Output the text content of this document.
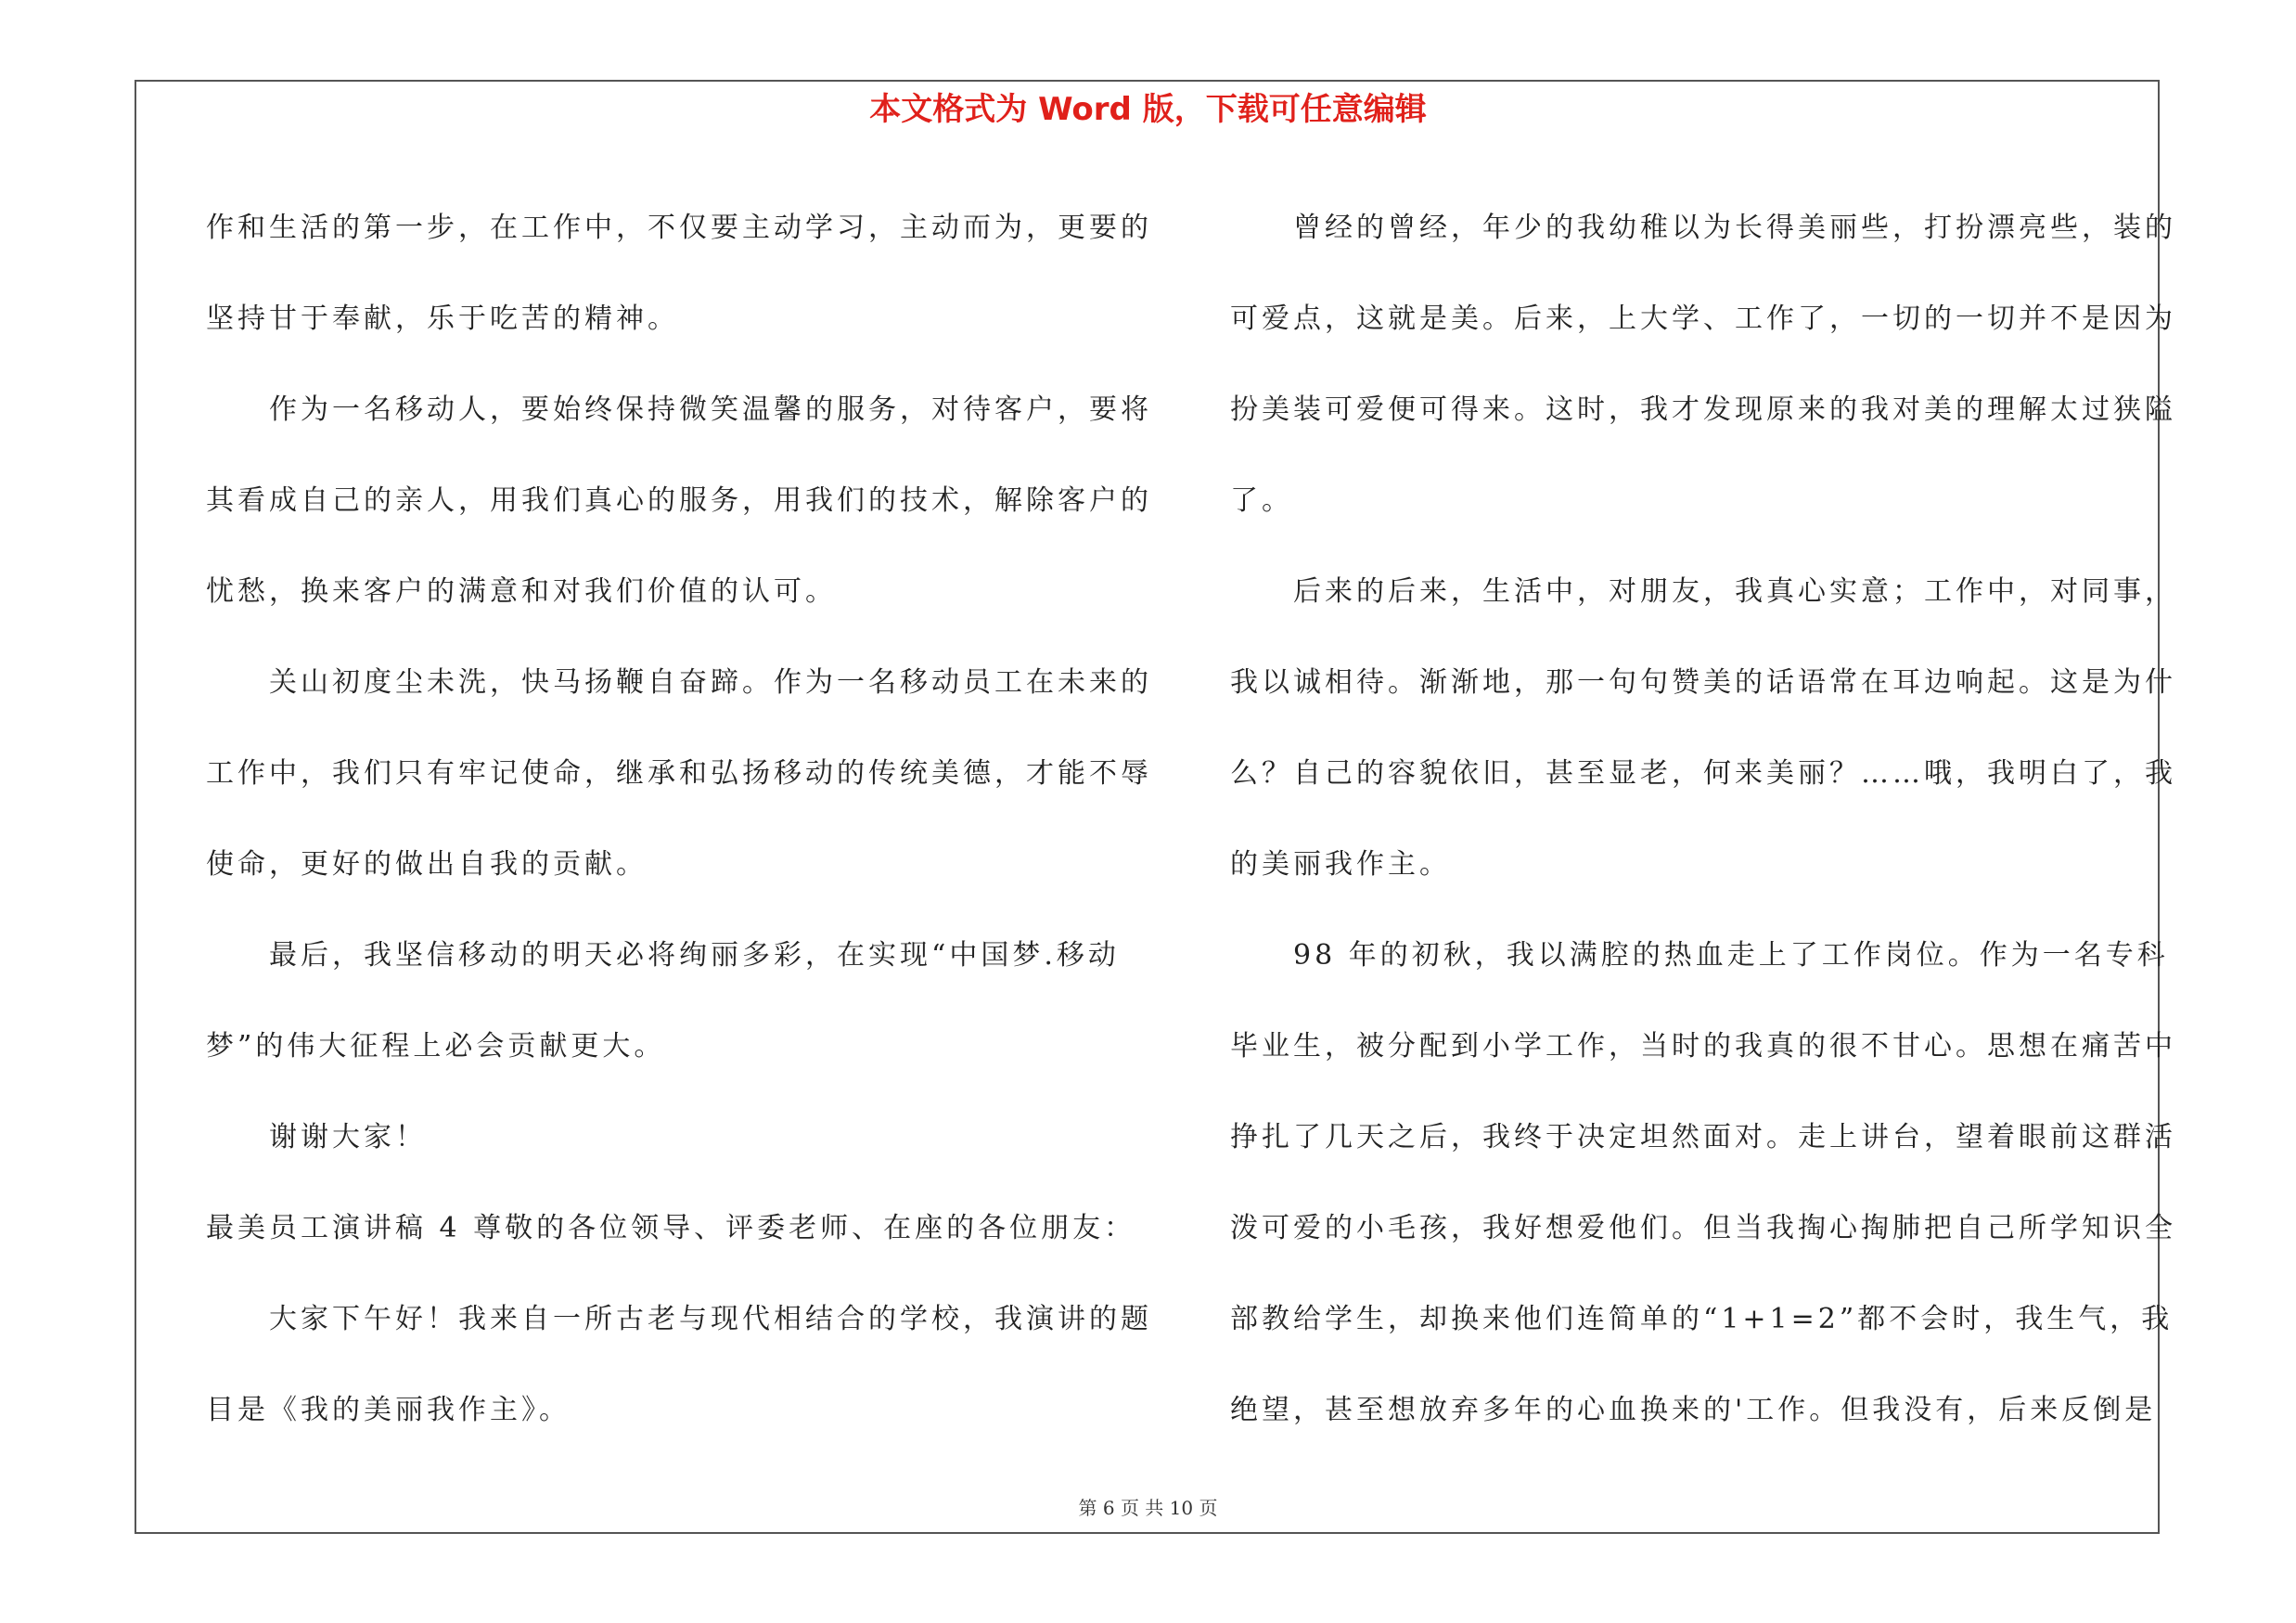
本文格式为 Word 版，下载可任意编辑
作和生活的第一步，在工作中，不仅要主动学习，主动而为，更要的
坚持甘于奉献，乐于吃苦的精神。
作为一名移动人，要始终保持微笑温馨的服务，对待客户，要将
其看成自己的亲人，用我们真心的服务，用我们的技术，解除客户的
忧愁，换来客户的满意和对我们价值的认可。
关山初度尘未洗，快马扬鞭自奋蹄。作为一名移动员工在未来的
工作中，我们只有牢记使命，继承和弘扬移动的传统美德，才能不辱
使命，更好的做出自我的贡献。
最后，我坚信移动的明天必将绚丽多彩，在实现“中国梦.移动
梦”的伟大征程上必会贡献更大。
谢谢大家！
最美员工演讲稿 4 尊敬的各位领导、评委老师、在座的各位朋友：
大家下午好！我来自一所古老与现代相结合的学校，我演讲的题
目是《我的美丽我作主》。
曾经的曾经，年少的我幼稚以为长得美丽些，打扮漂亮些，装的
可爱点，这就是美。后来，上大学、工作了，一切的一切并不是因为
扮美装可爱便可得来。这时，我才发现原来的我对美的理解太过狭隘
了。
后来的后来，生活中，对朋友，我真心实意；工作中，对同事，
我以诚相待。渐渐地，那一句句赞美的话语常在耳边响起。这是为什
么？自己的容貌依旧，甚至显老，何来美丽？……哦，我明白了，我
的美丽我作主。
98 年的初秋，我以满腔的热血走上了工作岗位。作为一名专科
毕业生，被分配到小学工作，当时的我真的很不甘心。思想在痛苦中
挣扎了几天之后，我终于决定坦然面对。走上讲台，望着眼前这群活
泼可爱的小毛孩，我好想爱他们。但当我掏心掏肺把自己所学知识全
部教给学生，却换来他们连简单的“1+1=2”都不会时，我生气，我
绝望，甚至想放弃多年的心血换来的'工作。但我没有，后来反倒是
第 6 页 共 10 页
